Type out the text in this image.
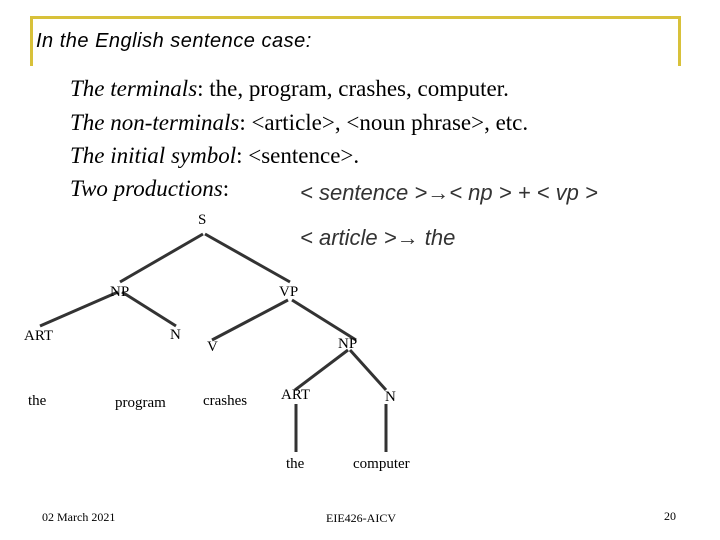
In the English sentence case:
The terminals: the, program, crashes, computer.
The non-terminals: <article>, <noun phrase>, etc.
The initial symbol: <sentence>.
Two productions:	< sentence >→< np > + < vp >
< article >→ the
S
NP	VP
ART	N
V	NP
the	program crashes ART	N
the	computer
02 March 2021	EIE426-AICV	20
